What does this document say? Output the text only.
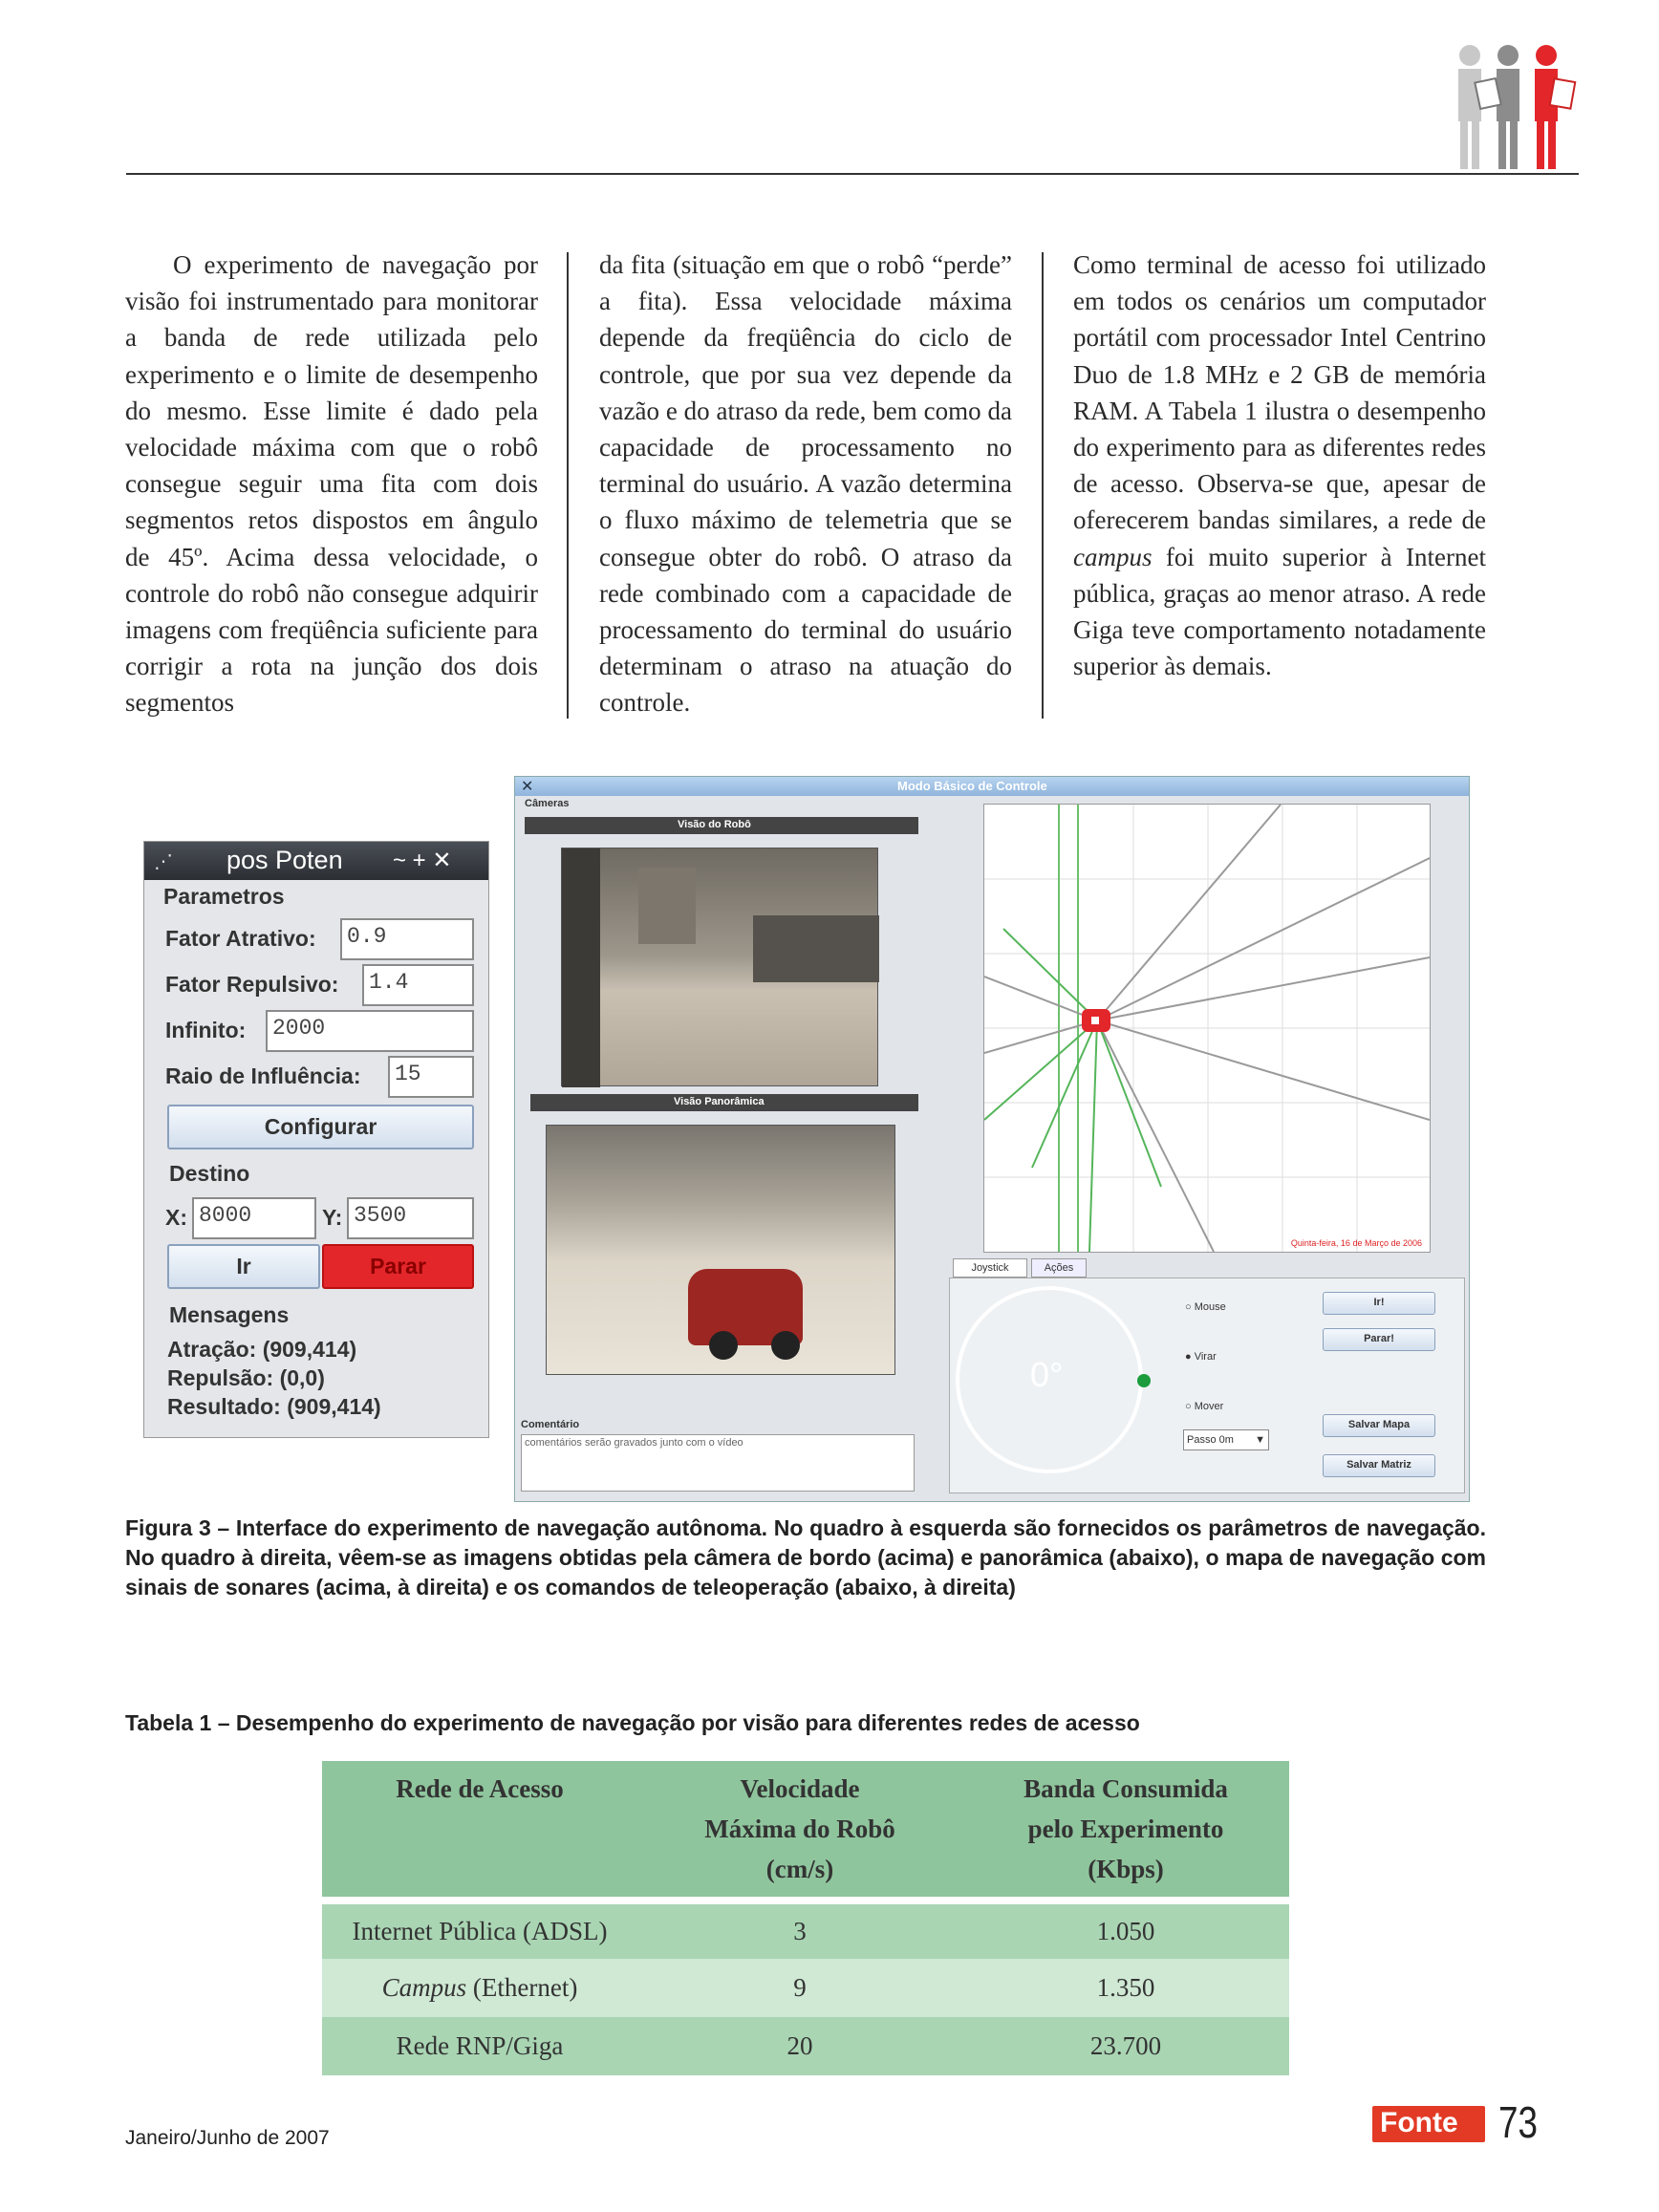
O experimento de navegação por visão foi instrumentado para monitorar a banda de rede utilizada pelo experimento e o limite de desempenho do mesmo. Esse limite é dado pela velocidade máxima com que o robô consegue seguir uma fita com dois segmentos retos dispostos em ângulo de 45º. Acima dessa velocidade, o controle do robô não consegue adquirir imagens com freqüência suficiente para corrigir a rota na junção dos dois segmentos

da fita (situação em que o robô “perde” a fita). Essa velocidade máxima depende da freqüência do ciclo de controle, que por sua vez depende da vazão e do atraso da rede, bem como da capacidade de processamento no terminal do usuário. A vazão determina o fluxo máximo de telemetria que se consegue obter do robô. O atraso da rede combinado com a capacidade de processamento do terminal do usuário determinam o atraso na atuação do controle.

Como terminal de acesso foi utilizado em todos os cenários um computador portátil com processador Intel Centrino Duo de 1.8 MHz e 2 GB de memória RAM. A Tabela 1 ilustra o desempenho do experimento para as diferentes redes de acesso. Observa-se que, apesar de oferecerem bandas similares, a rede de campus foi muito superior à Internet pública, graças ao menor atraso. A rede Giga teve comportamento notadamente superior às demais.

⋰ pos Poten ~ + ✕
Parametros
Fator Atrativo:	0.9
Fator Repulsivo:	1.4
Infinito:	2000
Raio de Influência:	15
Configurar
Destino
X: 8000	Y: 3500
Ir	Parar
Mensagens
Atração: (909,414)
Repulsão: (0,0)
Resultado: (909,414)
✕	Modo Básico de Controle
Câmeras
Visão do Robô
Visão Panorâmica
Comentário
comentários serão gravados junto com o vídeo
Quinta-feira, 16 de Março de 2006
Joystick	Ações
0°
○ Mouse
● Virar
○ Mover
Passo 0m ▼
Ir!
Parar!
Salvar Mapa
Salvar Matriz
Figura 3 – Interface do experimento de navegação autônoma. No quadro à esquerda são fornecidos os parâmetros de navegação. No quadro à direita, vêem-se as imagens obtidas pela câmera de bordo (acima) e panorâmica (abaixo), o mapa de navegação com sinais de sonares (acima, à direita) e os comandos de teleoperação (abaixo, à direita)
Tabela 1 – Desempenho do experimento de navegação por visão para diferentes redes de acesso
Rede de Acesso	Velocidade Máxima do Robô (cm/s)	Banda Consumida pelo Experimento (Kbps)
Internet Pública (ADSL)	3	1.050
Campus (Ethernet)	9	1.350
Rede RNP/Giga	20	23.700
Janeiro/Junho de 2007	Fonte 73
